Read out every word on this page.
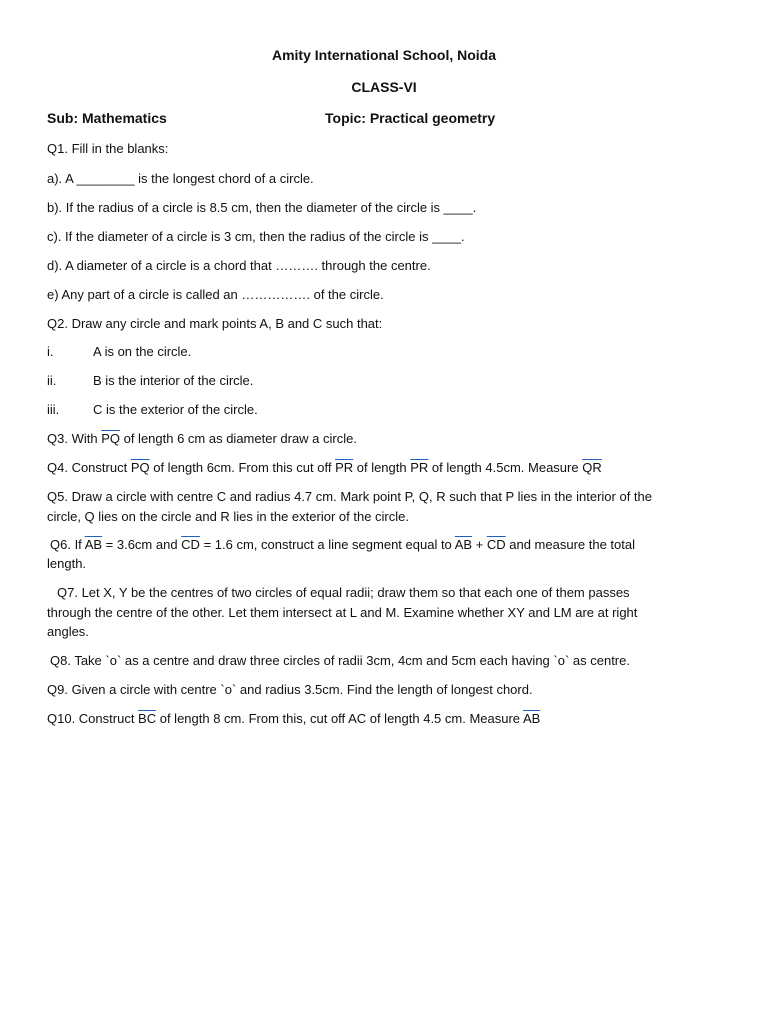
Amity International School, Noida
CLASS-VI
Sub: Mathematics	Topic: Practical geometry
Q1. Fill in the blanks:
a). A ________ is the longest chord of a circle.
b). If the radius of a circle is 8.5 cm, then the diameter of the circle is ____.
c). If the diameter of a circle is 3 cm, then the radius of the circle is ____.
d). A diameter of a circle is a chord that ………. through the centre.
e) Any part of a circle is called an ……………. of the circle.
Q2. Draw any circle and mark points A, B and C such that:
i.	A is on the circle.
ii.	B is the interior of the circle.
iii.	C is the exterior of the circle.
Q3. With $\overline{PQ}$ of length 6 cm as diameter draw a circle.
Q4. Construct $\overline{PQ}$ of length 6cm. From this cut off $\overline{PR}$ of length $\overline{PR}$ of length 4.5cm. Measure $\overline{QR}$
Q5. Draw a circle with centre C and radius 4.7 cm. Mark point P, Q, R such that P lies in the interior of the
circle, Q lies on the circle and R lies in the exterior of the circle.
Q6. If $\overline{AB} = 3.6cm$ and $\overline{CD} = 1.6$ cm, construct a line segment equal to $\overline{AB} + \overline{CD}$ and measure the total
length.
Q7. Let X, Y be the centres of two circles of equal radii; draw them so that each one of them passes
through the centre of the other. Let them intersect at L and M. Examine whether XY and LM are at right
angles.
Q8. Take `o` as a centre and draw three circles of radii 3cm, 4cm and 5cm each having `o` as centre.
Q9. Given a circle with centre `o` and radius 3.5cm. Find the length of longest chord.
Q10. Construct $\overline{BC}$ of length 8 cm. From this, cut off AC of length 4.5 cm. Measure $\overline{AB}$
